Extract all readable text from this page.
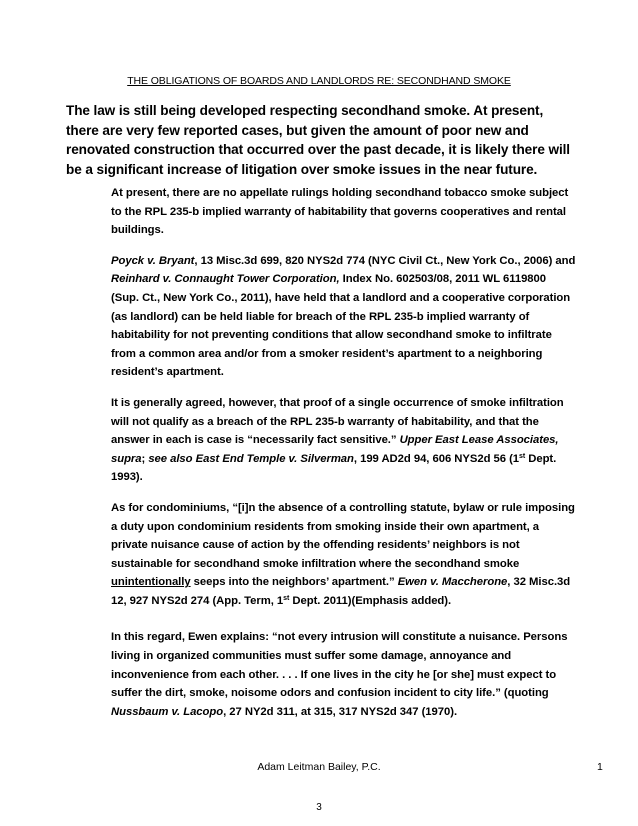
THE OBLIGATIONS OF BOARDS AND LANDLORDS RE: SECONDHAND SMOKE
The law is still being developed respecting secondhand smoke. At present, there are very few reported cases, but given the amount of poor new and renovated construction that occurred over the past decade, it is likely there will be a significant increase of litigation over smoke issues in the near future.

At present, there are no appellate rulings holding secondhand tobacco smoke subject to the RPL 235-b implied warranty of habitability that governs cooperatives and rental buildings.

Poyck v. Bryant, 13 Misc.3d 699, 820 NYS2d 774 (NYC Civil Ct., New York Co., 2006) and Reinhard v. Connaught Tower Corporation, Index No. 602503/08, 2011 WL 6119800 (Sup. Ct., New York Co., 2011), have held that a landlord and a cooperative corporation (as landlord) can be held liable for breach of the RPL 235-b implied warranty of habitability for not preventing conditions that allow secondhand smoke to infiltrate from a common area and/or from a smoker resident’s apartment to a neighboring resident’s apartment.

It is generally agreed, however, that proof of a single occurrence of smoke infiltration will not qualify as a breach of the RPL 235-b warranty of habitability, and that the answer in each is case is “necessarily fact sensitive.” Upper East Lease Associates, supra; see also East End Temple v. Silverman, 199 AD2d 94, 606 NYS2d 56 (1st Dept. 1993).

As for condominiums, “[i]n the absence of a controlling statute, bylaw or rule imposing a duty upon condominium residents from smoking inside their own apartment, a private nuisance cause of action by the offending residents’ neighbors is not sustainable for secondhand smoke infiltration where the secondhand smoke unintentionally seeps into the neighbors’ apartment.” Ewen v. Maccherone, 32 Misc.3d 12, 927 NYS2d 274 (App. Term, 1st Dept. 2011)(Emphasis added).

In this regard, Ewen explains: “not every intrusion will constitute a nuisance. Persons living in organized communities must suffer some damage, annoyance and inconvenience from each other. . . . If one lives in the city he [or she] must expect to suffer the dirt, smoke, noisome odors and confusion incident to city life.” (quoting Nussbaum v. Lacopo, 27 NY2d 311, at 315, 317 NYS2d 347 (1970).

Adam Leitman Bailey, P.C.	1
3
